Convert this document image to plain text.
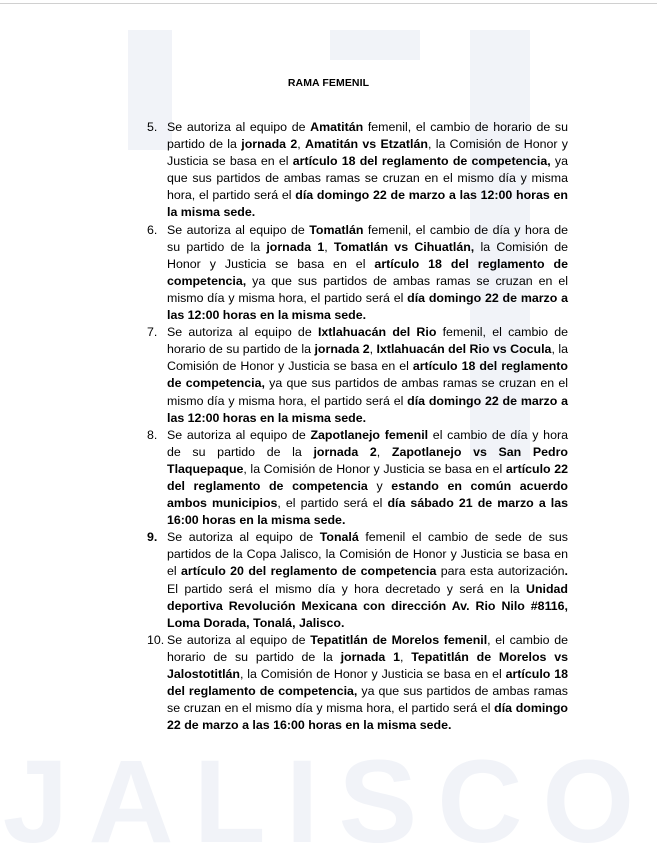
JALISCO
RAMA FEMENIL
5. Se autoriza al equipo de Amatitán femenil, el cambio de horario de su partido de la jornada 2, Amatitán vs Etzatlán, la Comisión de Honor y Justicia se basa en el artículo 18 del reglamento de competencia, ya que sus partidos de ambas ramas se cruzan en el mismo día y misma hora, el partido será el día domingo 22 de marzo a las 12:00 horas en la misma sede.
6. Se autoriza al equipo de Tomatlán femenil, el cambio de día y hora de su partido de la jornada 1, Tomatlán vs Cihuatlán, la Comisión de Honor y Justicia se basa en el artículo 18 del reglamento de competencia, ya que sus partidos de ambas ramas se cruzan en el mismo día y misma hora, el partido será el día domingo 22 de marzo a las 12:00 horas en la misma sede.
7. Se autoriza al equipo de Ixtlahuacán del Rio femenil, el cambio de horario de su partido de la jornada 2, Ixtlahuacán del Rio vs Cocula, la Comisión de Honor y Justicia se basa en el artículo 18 del reglamento de competencia, ya que sus partidos de ambas ramas se cruzan en el mismo día y misma hora, el partido será el día domingo 22 de marzo a las 12:00 horas en la misma sede.
8. Se autoriza al equipo de Zapotlanejo femenil el cambio de día y hora de su partido de la jornada 2, Zapotlanejo vs San Pedro Tlaquepaque, la Comisión de Honor y Justicia se basa en el artículo 22 del reglamento de competencia y estando en común acuerdo ambos municipios, el partido será el día sábado 21 de marzo a las 16:00 horas en la misma sede.
9. Se autoriza al equipo de Tonalá femenil el cambio de sede de sus partidos de la Copa Jalisco, la Comisión de Honor y Justicia se basa en el artículo 20 del reglamento de competencia para esta autorización. El partido será el mismo día y hora decretado y será en la Unidad deportiva Revolución Mexicana con dirección Av. Rio Nilo #8116, Loma Dorada, Tonalá, Jalisco.
10. Se autoriza al equipo de Tepatitlán de Morelos femenil, el cambio de horario de su partido de la jornada 1, Tepatitlán de Morelos vs Jalostotitlán, la Comisión de Honor y Justicia se basa en el artículo 18 del reglamento de competencia, ya que sus partidos de ambas ramas se cruzan en el mismo día y misma hora, el partido será el día domingo 22 de marzo a las 16:00 horas en la misma sede.
